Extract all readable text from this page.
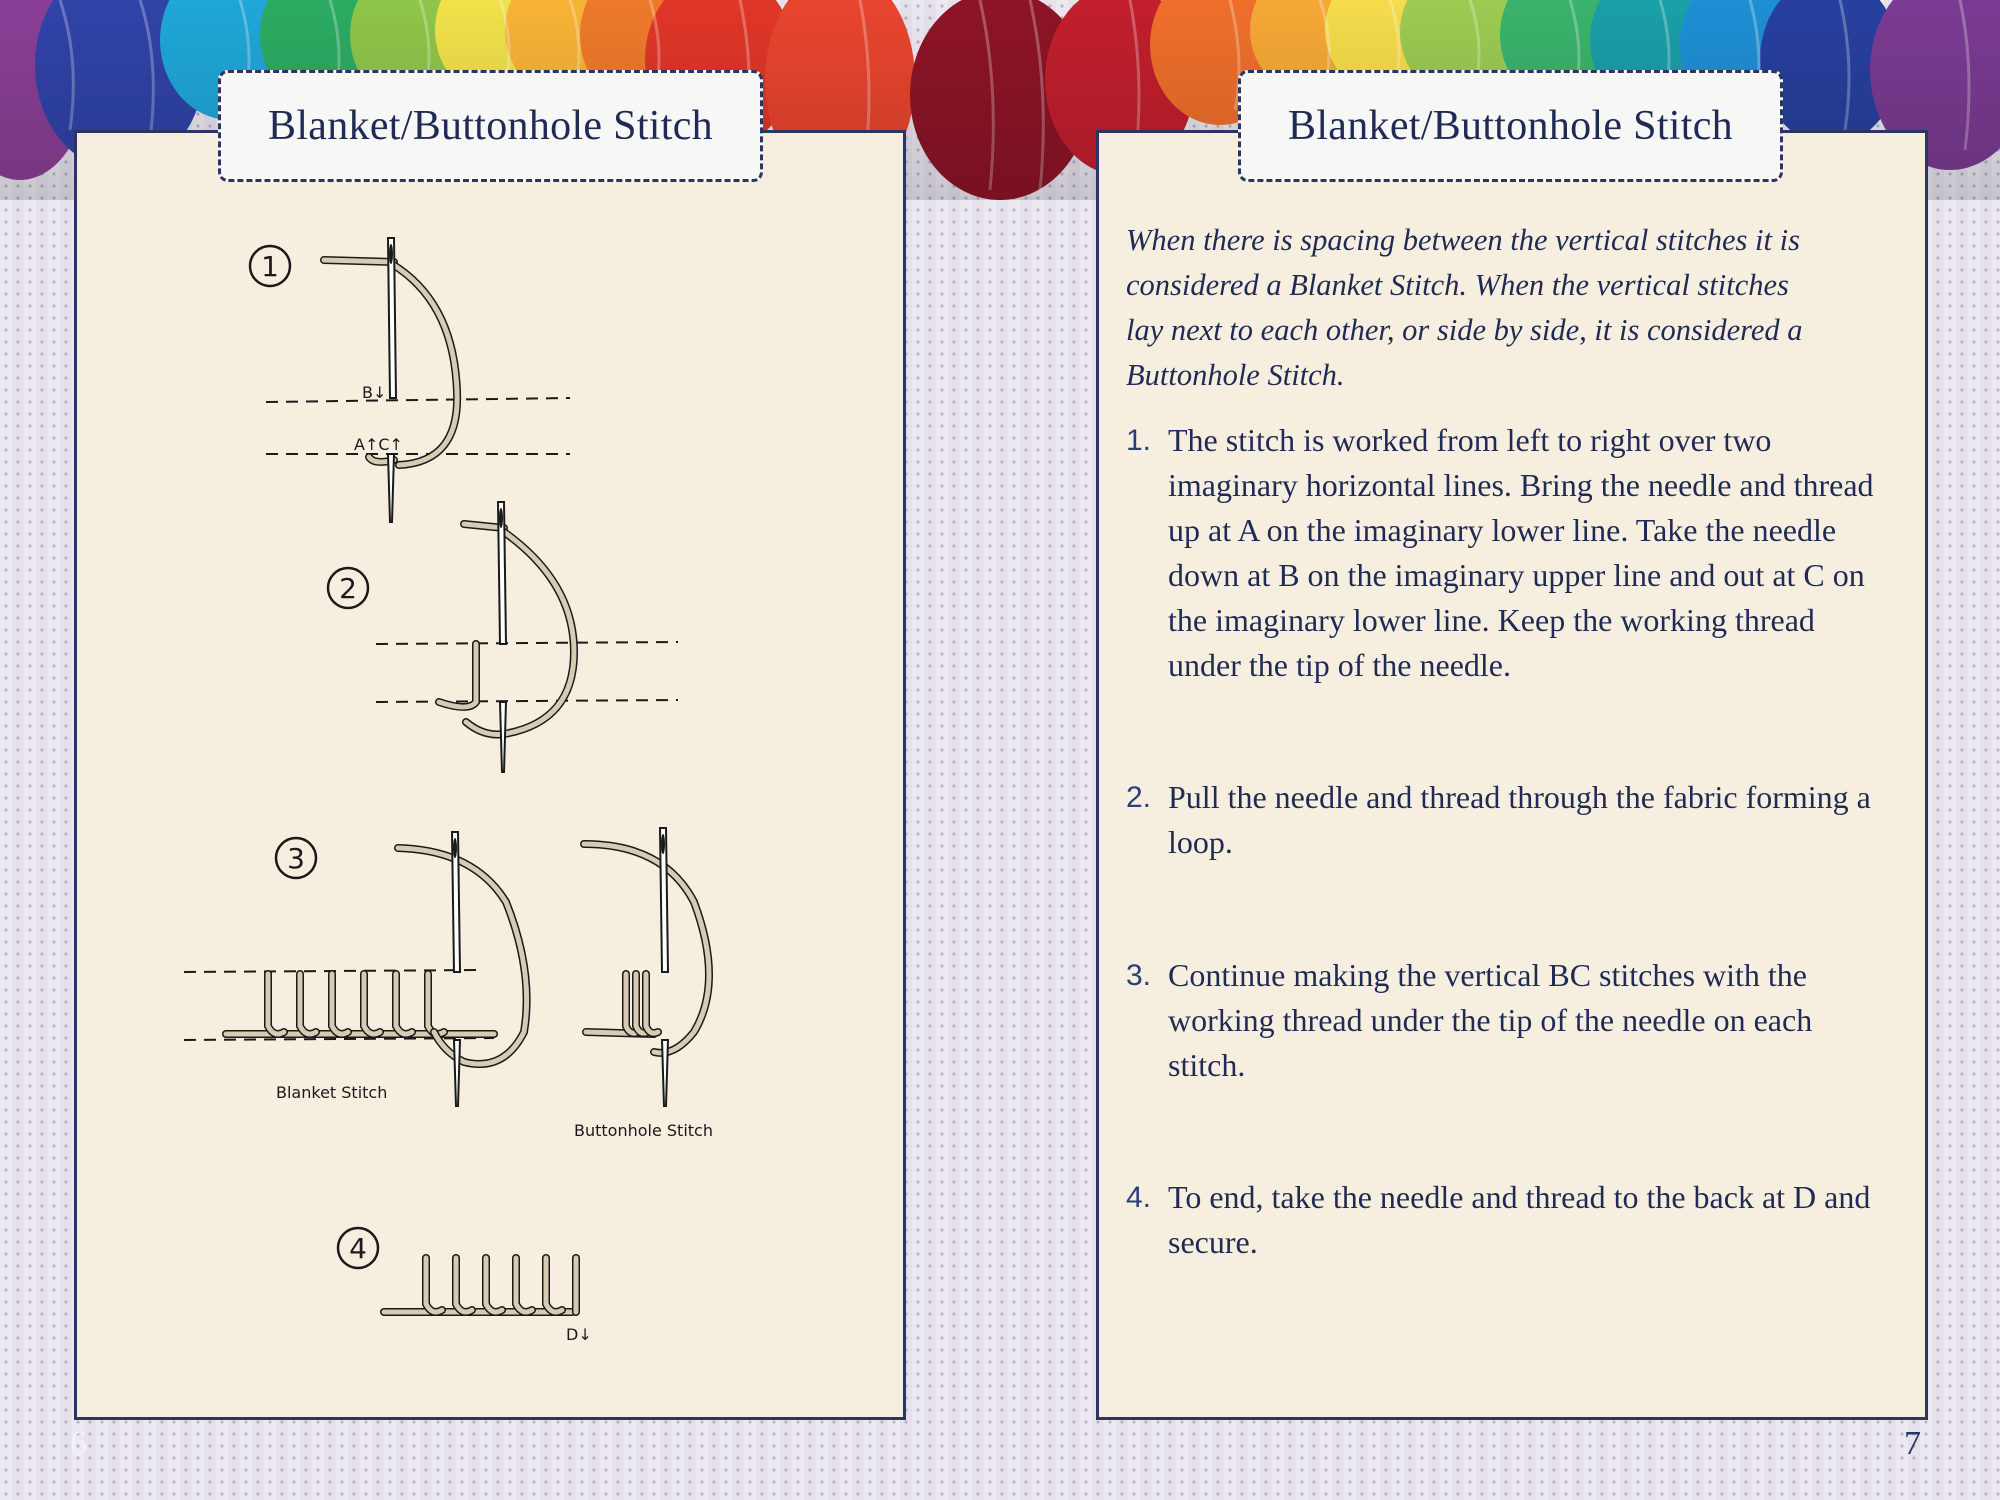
1
B↓
A↑C↑
2
3
Blanket Stitch
Buttonhole Stitch
4
D↓
Blanket/Buttonhole Stitch	Blanket/Buttonhole Stitch
When there is spacing between the vertical stitches it is considered a Blanket Stitch. When the vertical stitches lay next to each other, or side by side, it is considered a Buttonhole Stitch.
1. The stitch is worked from left to right over two imaginary horizontal lines. Bring the needle and thread up at A on the imaginary lower line. Take the needle down at B on the imaginary upper line and out at C on the imaginary lower line. Keep the working thread under the tip of the needle.
2. Pull the needle and thread through the fabric forming a loop.
3. Continue making the vertical BC stitches with the working thread under the tip of the needle on each stitch.
4. To end, take the needle and thread to the back at D and secure.
6	7
